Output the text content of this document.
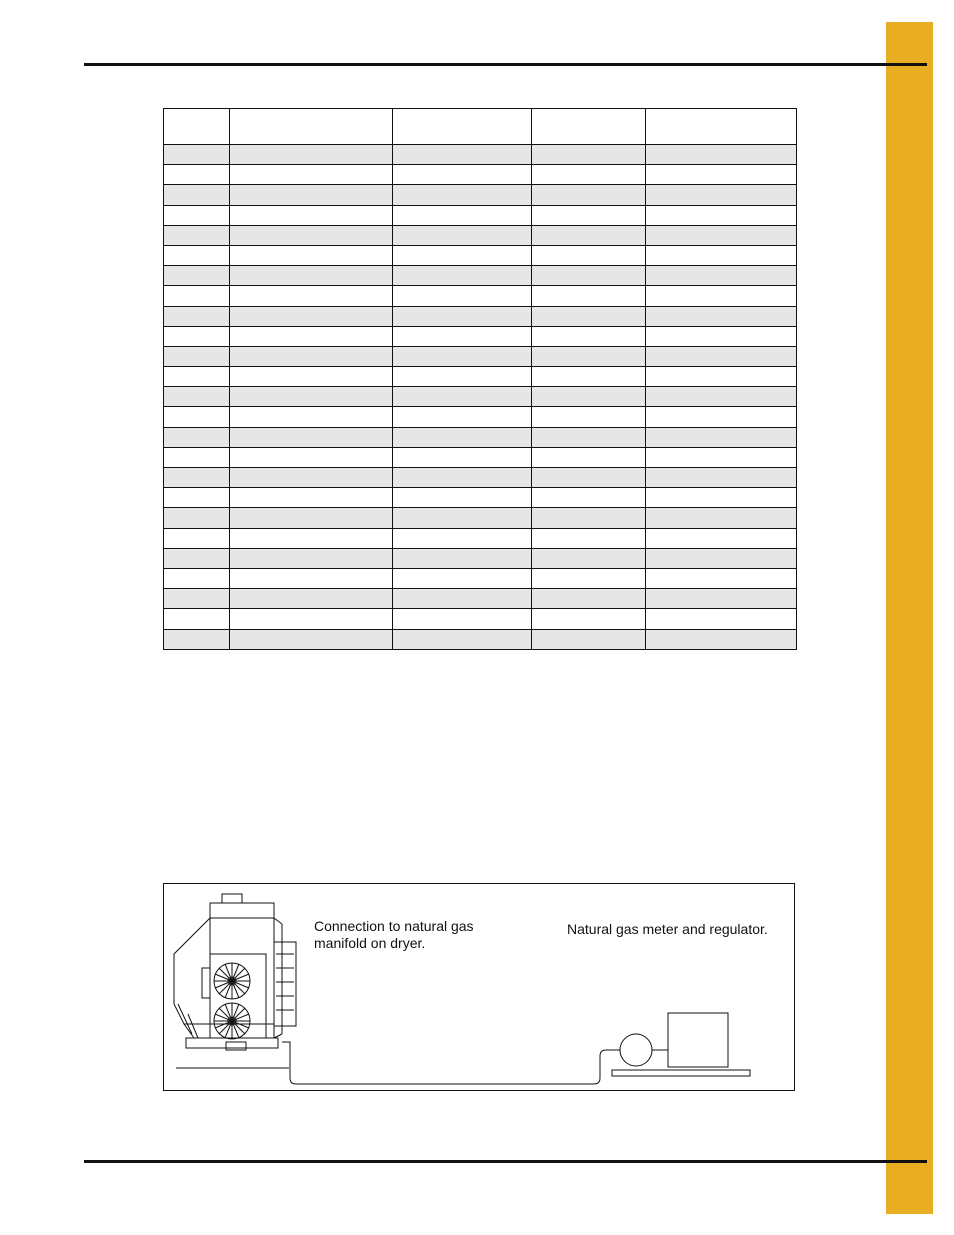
Connection to natural gas manifold on dryer.
Natural gas meter and regulator.
